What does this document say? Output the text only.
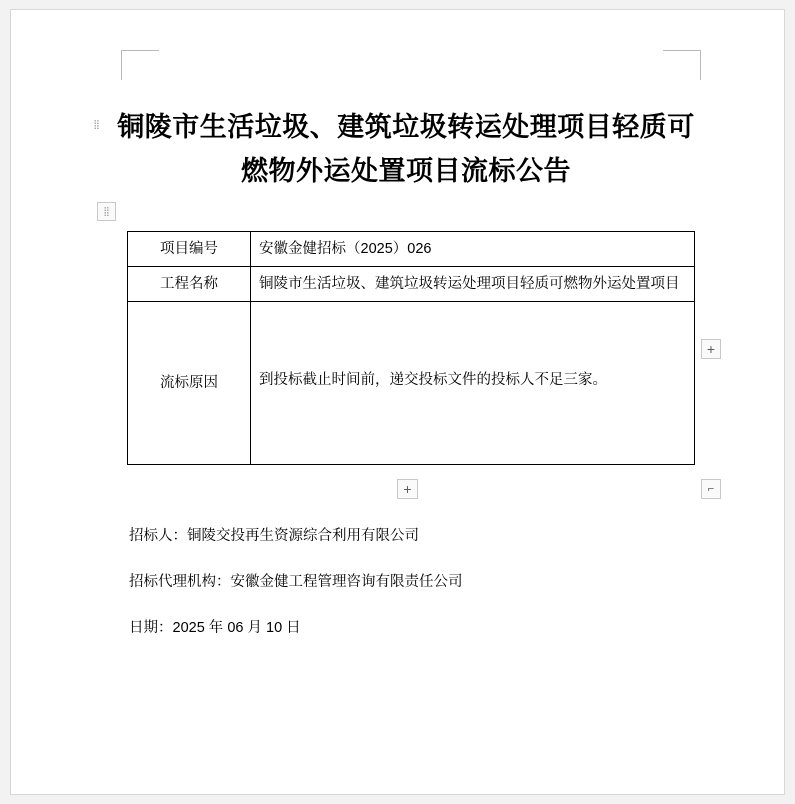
⣿ 铜陵市生活垃圾、建筑垃圾转运处理项目轻质可燃物外运处置项目流标公告
⣿
项目编号	安徽金健招标（2025）026
工程名称	铜陵市生活垃圾、建筑垃圾转运处理项目轻质可燃物外运处置项目
流标原因	到投标截止时间前，递交投标文件的投标人不足三家。
+
+	⌐

招标人：铜陵交投再生资源综合利用有限公司

招标代理机构：安徽金健工程管理咨询有限责任公司

日期：2025 年 06 月 10 日
